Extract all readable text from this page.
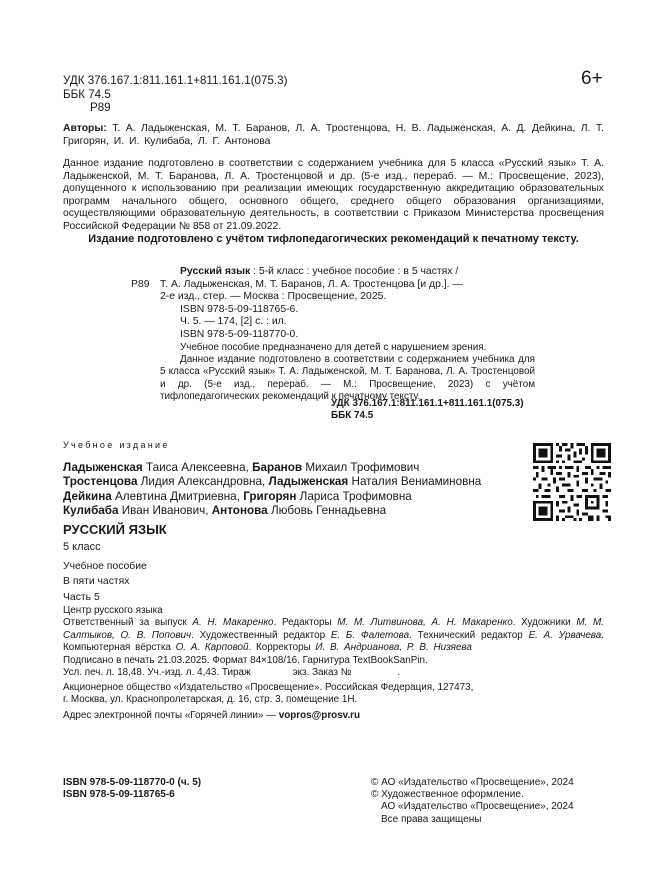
УДК 376.167.1:811.161.1+811.161.1(075.3)
ББК 74.5
Р89
6+
Авторы: Т. А. Ладыженская, М. Т. Баранов, Л. А. Тростенцова, Н. В. Ладыженская, А. Д. Дейкина, Л. Т. Григорян, И. И. Кулибаба, Л. Г. Антонова
Данное издание подготовлено в соответствии с содержанием учебника для 5 класса «Русский язык» Т. А. Ладыженской, М. Т. Баранова, Л. А. Тростенцовой и др. (5-е изд., перераб. — М.: Просвещение, 2023), допущенного к использованию при реализации имеющих государственную аккредитацию образовательных программ начального общего, основного общего, среднего общего образования организациями, осуществляющими образовательную деятельность, в соответствии с Приказом Министерства просвещения Российской Федерации № 858 от 21.09.2022.
Издание подготовлено с учётом тифлопедагогических рекомендаций к печатному тексту.
Русский язык : 5-й класс : учебное пособие : в 5 частях /
Р89 Т. А. Ладыженская, М. Т. Баранов, Л. А. Тростенцова [и др.]. —
2-е изд., стер. — Москва : Просвещение, 2025.
ISBN 978-5-09-118765-6.
Ч. 5. — 174, [2] с. : ил.
ISBN 978-5-09-118770-0.
Учебное пособие предназначено для детей с нарушением зрения.
Данное издание подготовлено в соответствии с содержанием учебника для 5 класса «Русский язык» Т. А. Ладыженской, М. Т. Баранова, Л. А. Тростенцовой и др. (5-е изд., перераб. — М.: Просвещение, 2023) с учётом тифлопедагогических рекомендаций к печатному тексту.
УДК 376.167.1:811.161.1+811.161.1(075.3)
ББК 74.5
Учебное издание
Ладыженская Таиса Алексеевна, Баранов Михаил Трофимович
Тростенцова Лидия Александровна, Ладыженская Наталия Вениаминовна
Дейкина Алевтина Дмитриевна, Григорян Лариса Трофимовна
Кулибаба Иван Иванович, Антонова Любовь Геннадьевна
РУССКИЙ ЯЗЫК
5 класс
Учебное пособие
В пяти частях
Часть 5
Центр русского языка
Ответственный за выпуск А. Н. Макаренко. Редакторы М. М. Литвинова, А. Н. Макаренко. Художники М. М. Салтыков, О. В. Попович. Художественный редактор Е. Б. Фалетова. Технический редактор Е. А. Урвачева. Компьютерная вёрстка О. А. Карповой. Корректоры И. В. Андрианова, Р. В. Низяева
Подписано в печать 21.03.2025. Формат 84×108/16. Гарнитура TextBookSanPin.
Усл. печ. л. 18,48. Уч.-изд. л. 4,43. Тираж	экз. Заказ №	.
Акционерное общество «Издательство «Просвещение». Российская Федерация, 127473,
г. Москва, ул. Краснопролетарская, д. 16, стр. 3, помещение 1Н.
Адрес электронной почты «Горячей линии» — vopros@prosv.ru
ISBN 978-5-09-118770-0 (ч. 5)
ISBN 978-5-09-118765-6
© АО «Издательство «Просвещение», 2024
© Художественное оформление.
АО «Издательство «Просвещение», 2024
Все права защищены
